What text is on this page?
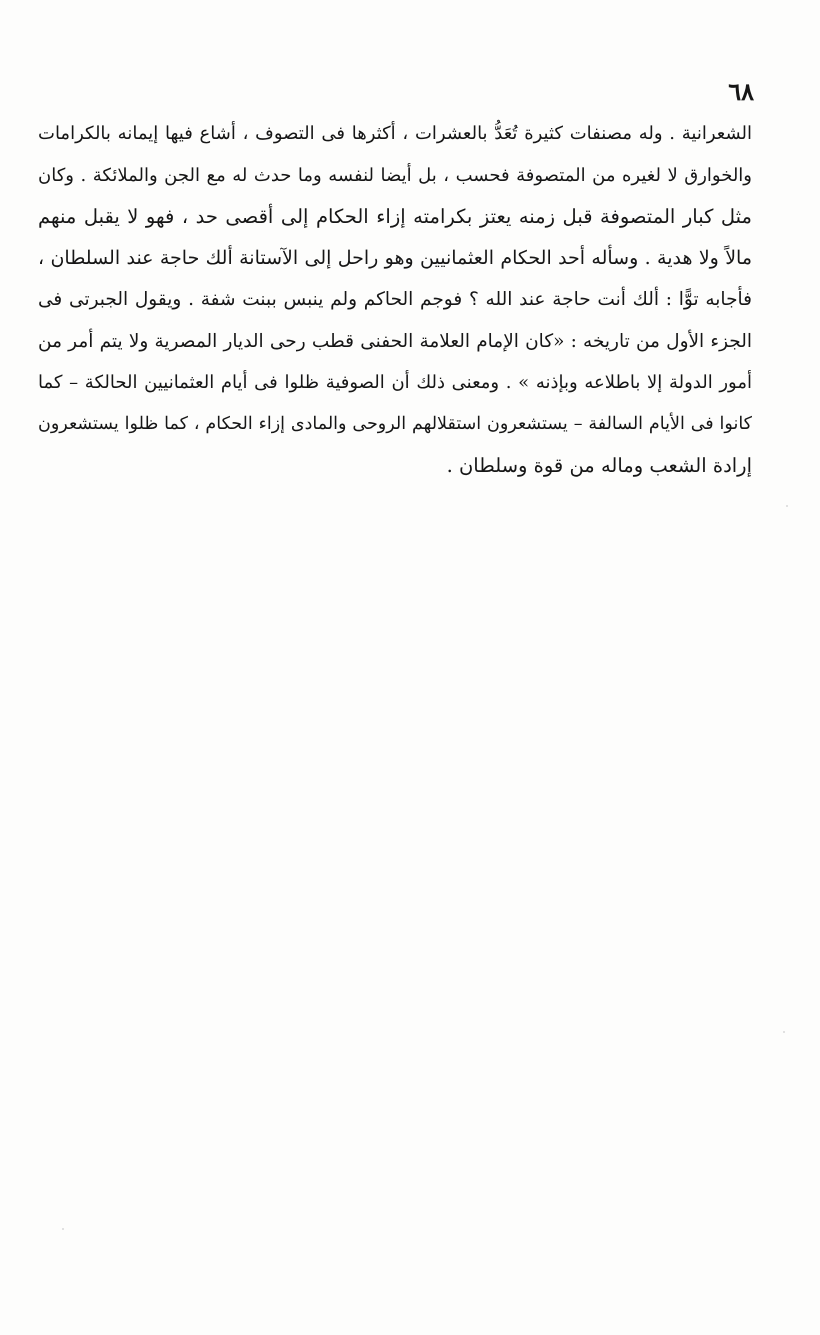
٦٨
الشعرانية . وله مصنفات كثيرة تُعَدُّ بالعشرات ، أكثرها فى التصوف ، أشاع فيها إيمانه بالكرامات
والخوارق لا لغيره من المتصوفة فحسب ، بل أيضا لنفسه وما حدث له مع الجن والملائكة . وكان
مثل كبار المتصوفة قبل زمنه يعتز بكرامته إزاء الحكام إلى أقصى حد ، فهو لا يقبل منهم
مالاً ولا هدية . وسأله أحد الحكام العثمانيين وهو راحل إلى الآستانة ألك حاجة عند السلطان ،
فأجابه توًّا : ألك أنت حاجة عند الله ؟ فوجم الحاكم ولم ينبس ببنت شفة . ويقول الجبرتى فى
الجزء الأول من تاريخه : «كان الإمام العلامة الحفنى قطب رحى الديار المصرية ولا يتم أمر من
أمور الدولة إلا باطلاعه وبإذنه » . ومعنى ذلك أن الصوفية ظلوا فى أيام العثمانيين الحالكة – كما
كانوا فى الأيام السالفة – يستشعرون استقلالهم الروحى والمادى إزاء الحكام ، كما ظلوا يستشعرون
إرادة الشعب وماله من قوة وسلطان .
